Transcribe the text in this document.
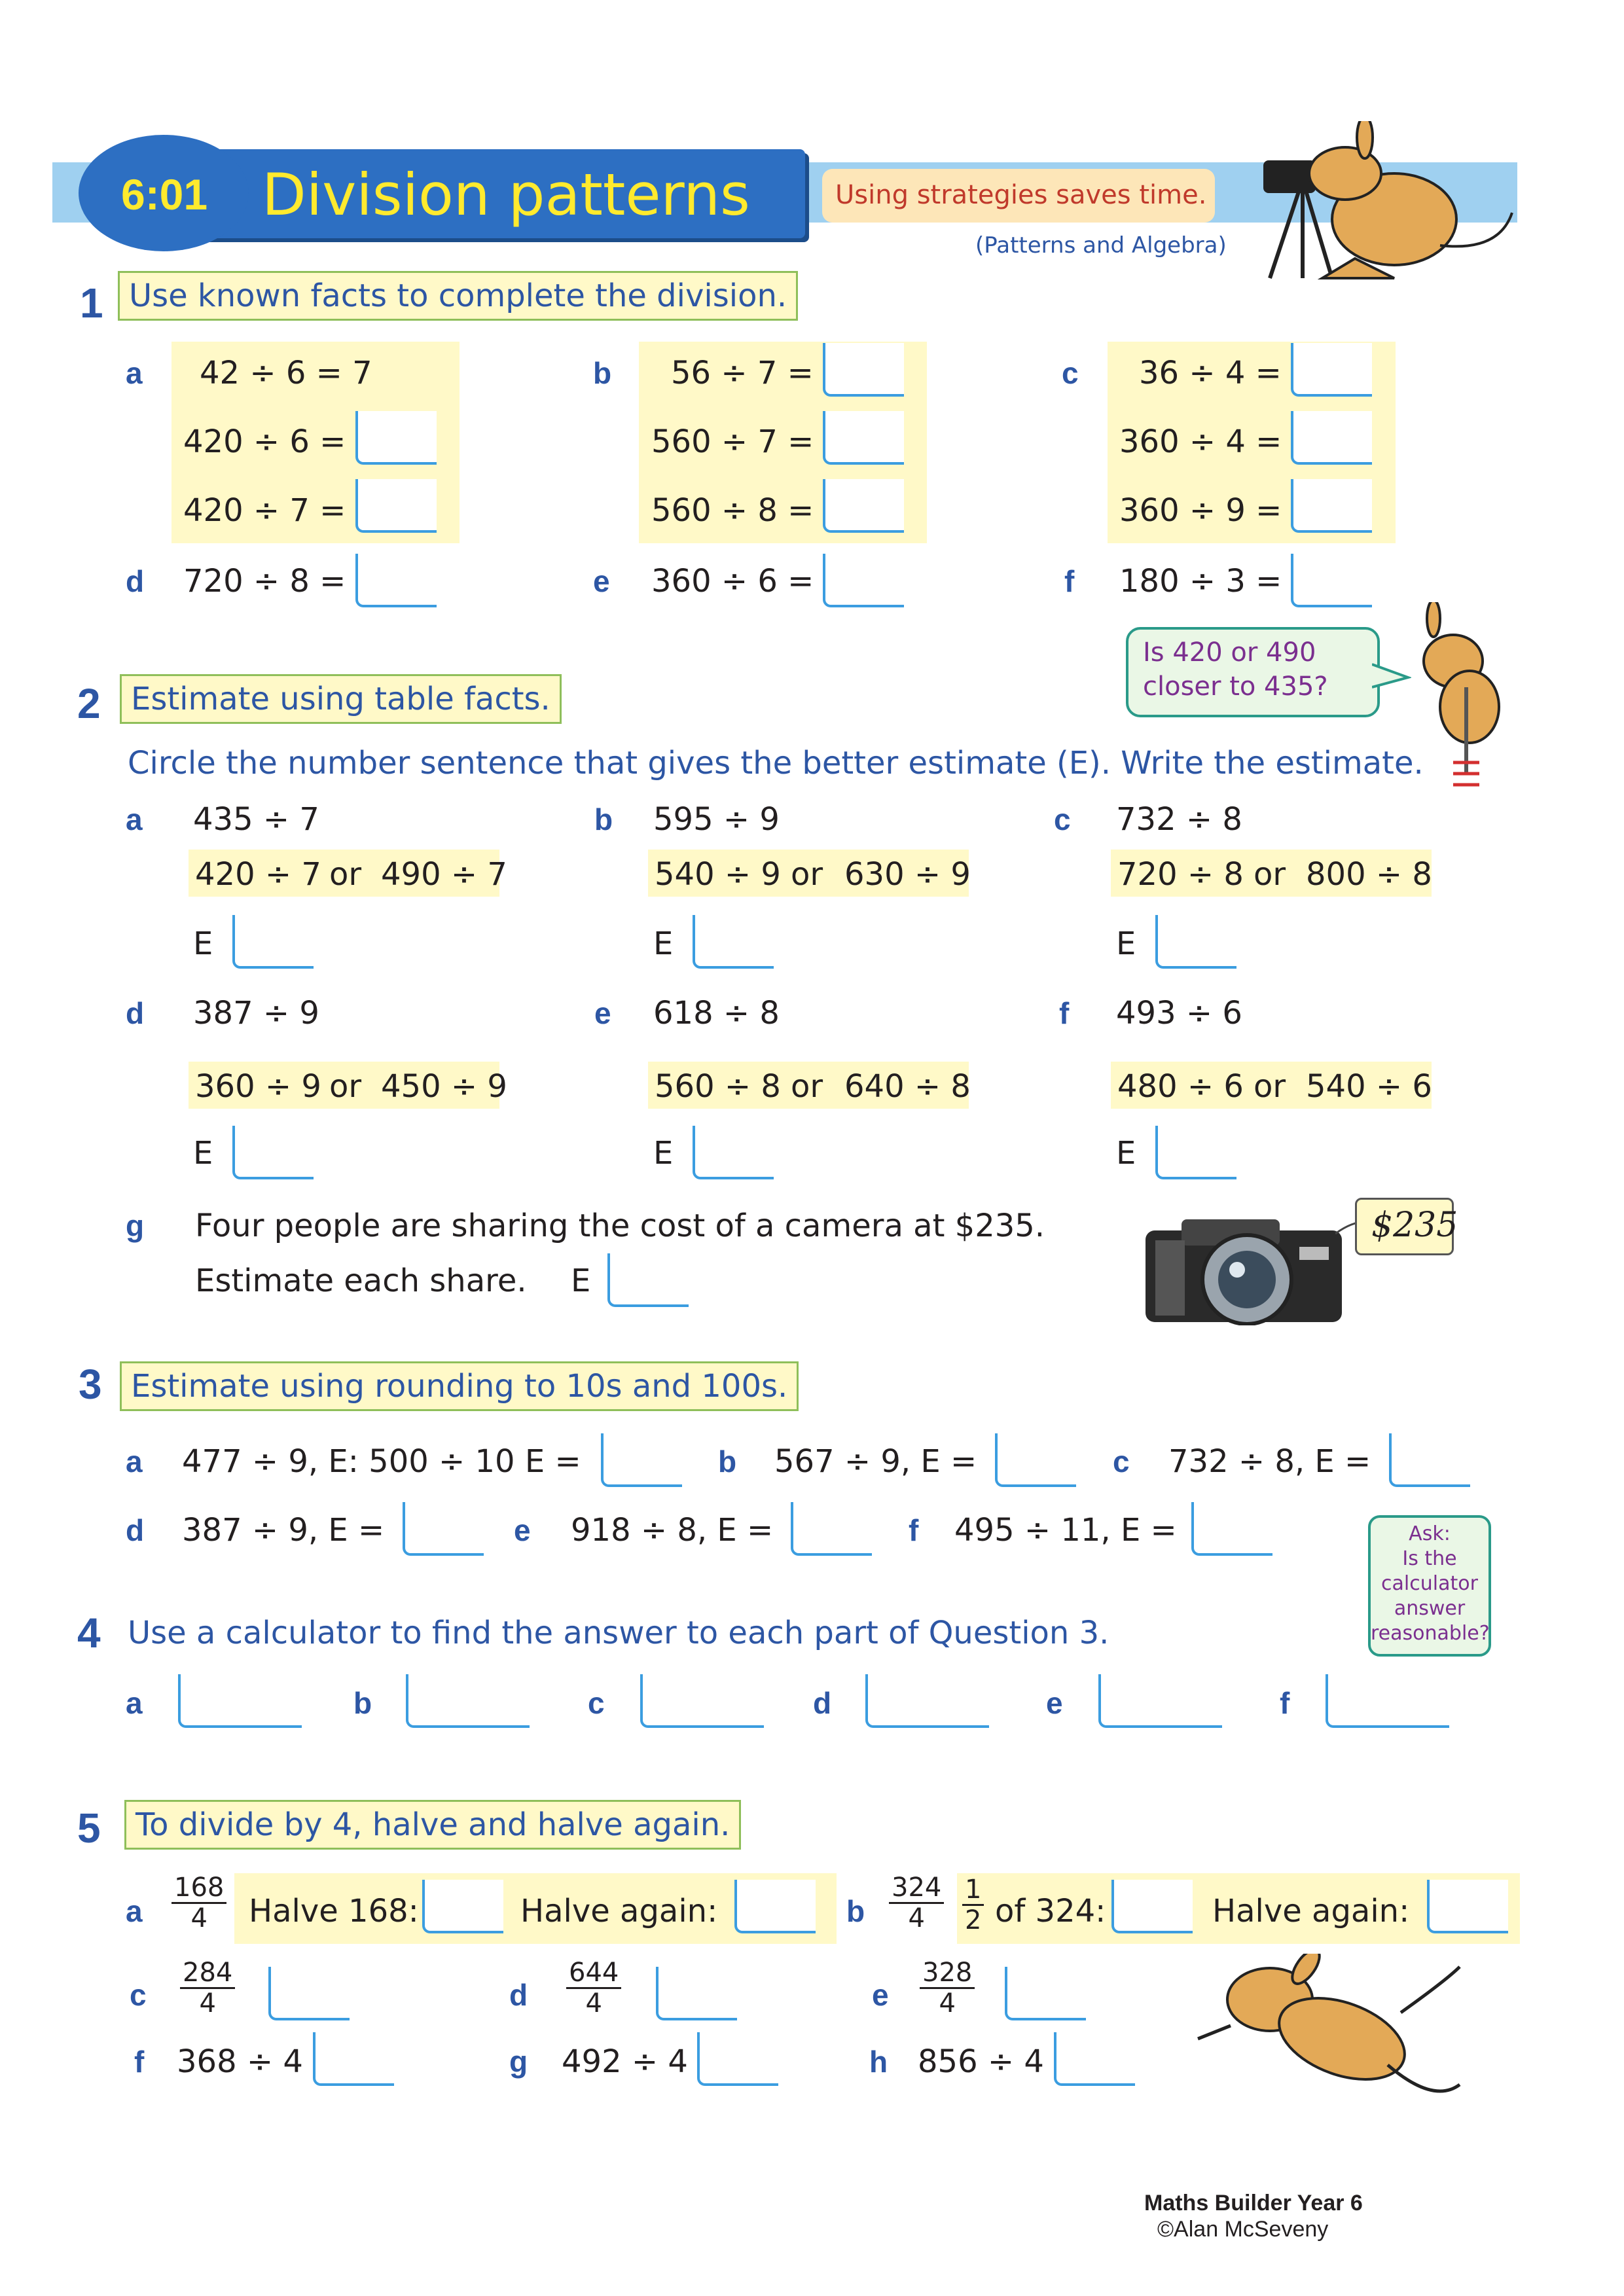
6:01 Division patterns	Using strategies saves time.
(Patterns and Algebra)
1 Use known facts to complete the division.
a 42 ÷ 6 = 7
420 ÷ 6 =
420 ÷ 7 =
b 56 ÷ 7 =
560 ÷ 7 =
560 ÷ 8 =
c 36 ÷ 4 =
360 ÷ 4 =
360 ÷ 9 =
d 720 ÷ 8 =	e 360 ÷ 6 =	f 180 ÷ 3 =
Is 420 or 490
closer to 435?
2 Estimate using table facts.
Circle the number sentence that gives the better estimate (E). Write the estimate.
a 435 ÷ 7
420 ÷ 7 or 490 ÷ 7
E
b 595 ÷ 9
540 ÷ 9 or 630 ÷ 9
E
c 732 ÷ 8
720 ÷ 8 or 800 ÷ 8
E
d 387 ÷ 9
360 ÷ 9 or 450 ÷ 9
E
e 618 ÷ 8
560 ÷ 8 or 640 ÷ 8
E
f 493 ÷ 6
480 ÷ 6 or 540 ÷ 6
E
g Four people are sharing the cost of a camera at $235.
Estimate each share. E
$235
3 Estimate using rounding to 10s and 100s.
a 477 ÷ 9, E: 500 ÷ 10 E =	b 567 ÷ 9, E =	c 732 ÷ 8, E =
d 387 ÷ 9, E =	e 918 ÷ 8, E =	f 495 ÷ 11, E =	Ask:
Is the
calculator
answer
reasonable?
4 Use a calculator to find the answer to each part of Question 3.
a	b	c	d	e	f
5	To divide by 4, halve and halve again.
a $\frac{168}{4}$ Halve 168:	Halve again:	b $\frac{324}{4} \frac{1}{2}$ of 324:	Halve again:
c $\frac{284}{4}$	d $\frac{644}{4}$	e $\frac{328}{4}$
f 368 ÷ 4	g 492 ÷ 4	h 856 ÷ 4
Maths Builder Year 6
©Alan McSeveny
